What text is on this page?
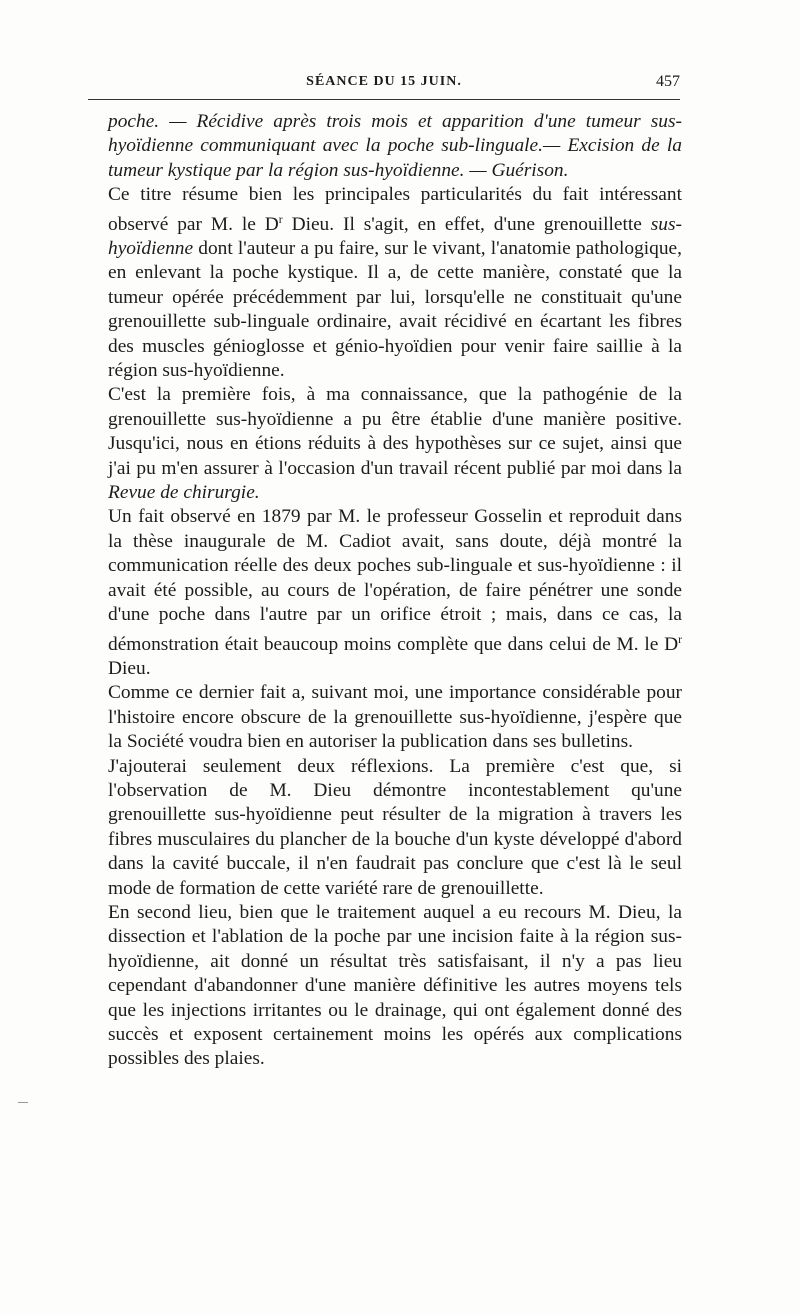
SÉANCE DU 15 JUIN.	457

poche. — Récidive après trois mois et apparition d'une tumeur sus-hyoïdienne communiquant avec la poche sub-linguale.— Excision de la tumeur kystique par la région sus-hyoïdienne. — Guérison.

Ce titre résume bien les principales particularités du fait intéressant observé par M. le $D^r$ Dieu. Il s'agit, en effet, d'une grenouillette sus-hyoïdienne dont l'auteur a pu faire, sur le vivant, l'anatomie pathologique, en enlevant la poche kystique. Il a, de cette manière, constaté que la tumeur opérée précédemment par lui, lorsqu'elle ne constituait qu'une grenouillette sub-linguale ordinaire, avait récidivé en écartant les fibres des muscles génioglosse et génio-hyoïdien pour venir faire saillie à la région sus-hyoïdienne.

C'est la première fois, à ma connaissance, que la pathogénie de la grenouillette sus-hyoïdienne a pu être établie d'une manière positive. Jusqu'ici, nous en étions réduits à des hypothèses sur ce sujet, ainsi que j'ai pu m'en assurer à l'occasion d'un travail récent publié par moi dans la Revue de chirurgie.

Un fait observé en 1879 par M. le professeur Gosselin et reproduit dans la thèse inaugurale de M. Cadiot avait, sans doute, déjà montré la communication réelle des deux poches sub-linguale et sus-hyoïdienne : il avait été possible, au cours de l'opération, de faire pénétrer une sonde d'une poche dans l'autre par un orifice étroit ; mais, dans ce cas, la démonstration était beaucoup moins complète que dans celui de M. le $D^r$ Dieu.

Comme ce dernier fait a, suivant moi, une importance considérable pour l'histoire encore obscure de la grenouillette sus-hyoïdienne, j'espère que la Société voudra bien en autoriser la publication dans ses bulletins.

J'ajouterai seulement deux réflexions. La première c'est que, si l'observation de M. Dieu démontre incontestablement qu'une grenouillette sus-hyoïdienne peut résulter de la migration à travers les fibres musculaires du plancher de la bouche d'un kyste développé d'abord dans la cavité buccale, il n'en faudrait pas conclure que c'est là le seul mode de formation de cette variété rare de grenouillette.

En second lieu, bien que le traitement auquel a eu recours M. Dieu, la dissection et l'ablation de la poche par une incision faite à la région sus-hyoïdienne, ait donné un résultat très satisfaisant, il n'y a pas lieu cependant d'abandonner d'une manière définitive les autres moyens tels que les injections irritantes ou le drainage, qui ont également donné des succès et exposent certainement moins les opérés aux complications possibles des plaies.
